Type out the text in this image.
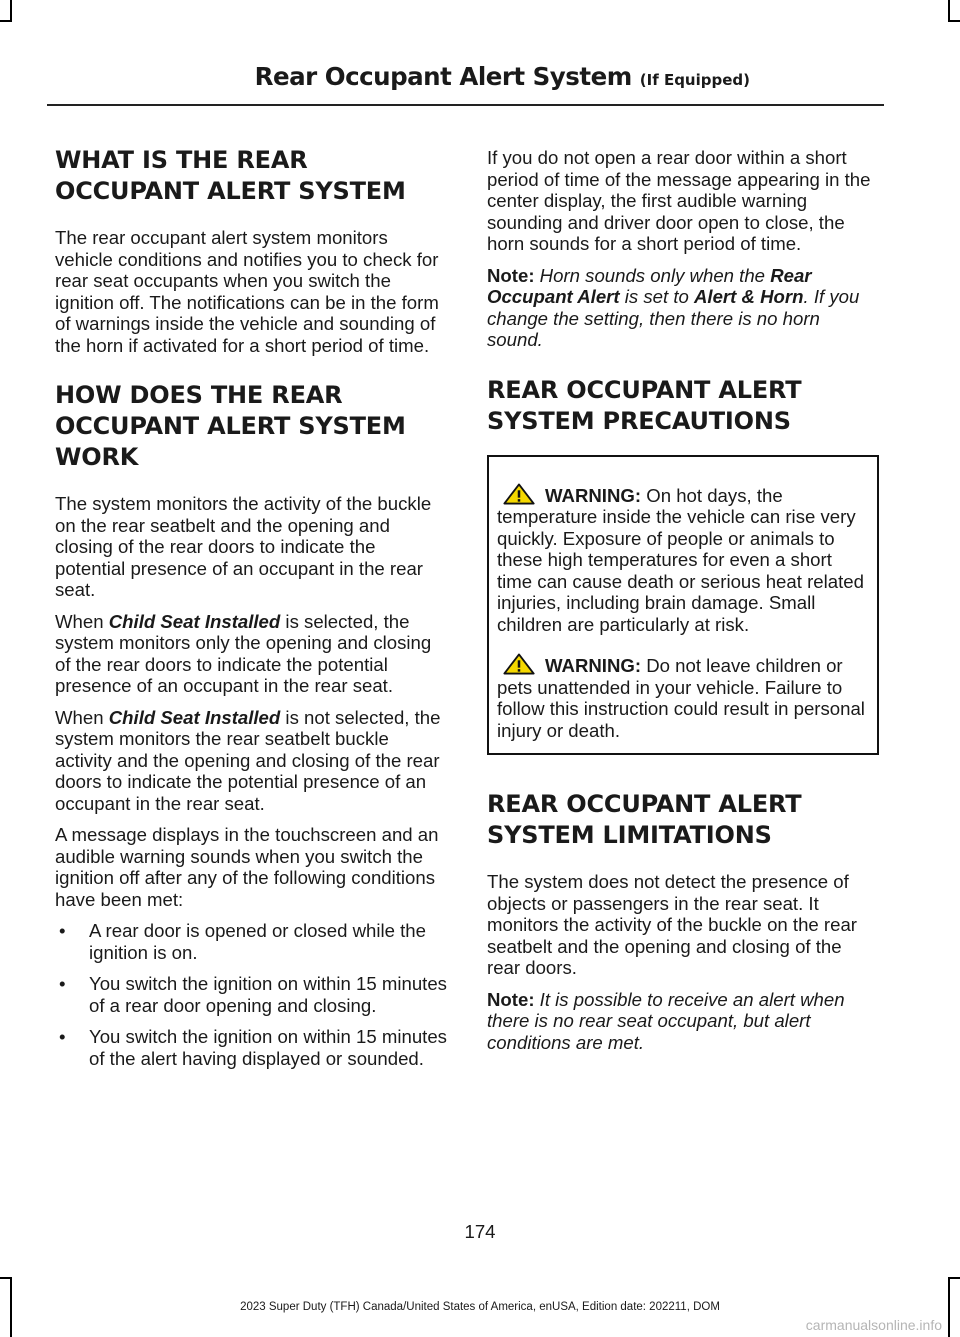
Rear Occupant Alert System (If Equipped)
WHAT IS THE REAR OCCUPANT ALERT SYSTEM

The rear occupant alert system monitors vehicle conditions and notifies you to check for rear seat occupants when you switch the ignition off. The notifications can be in the form of warnings inside the vehicle and sounding of the horn if activated for a short period of time.

HOW DOES THE REAR OCCUPANT ALERT SYSTEM WORK

The system monitors the activity of the buckle on the rear seatbelt and the opening and closing of the rear doors to indicate the potential presence of an occupant in the rear seat.

When Child Seat Installed is selected, the system monitors only the opening and closing of the rear doors to indicate the potential presence of an occupant in the rear seat.

When Child Seat Installed is not selected, the system monitors the rear seatbelt buckle activity and the opening and closing of the rear doors to indicate the potential presence of an occupant in the rear seat.

A message displays in the touchscreen and an audible warning sounds when you switch the ignition off after any of the following conditions have been met:

• A rear door is opened or closed while the ignition is on.
• You switch the ignition on within 15 minutes of a rear door opening and closing.
• You switch the ignition on within 15 minutes of the alert having displayed or sounded.

If you do not open a rear door within a short period of time of the message appearing in the center display, the first audible warning sounding and driver door open to close, the horn sounds for a short period of time.

Note: Horn sounds only when the Rear Occupant Alert is set to Alert & Horn. If you change the setting, then there is no horn sound.

REAR OCCUPANT ALERT SYSTEM PRECAUTIONS

WARNING: On hot days, the temperature inside the vehicle can rise very quickly. Exposure of people or animals to these high temperatures for even a short time can cause death or serious heat related injuries, including brain damage. Small children are particularly at risk.

WARNING: Do not leave children or pets unattended in your vehicle. Failure to follow this instruction could result in personal injury or death.

REAR OCCUPANT ALERT SYSTEM LIMITATIONS

The system does not detect the presence of objects or passengers in the rear seat. It monitors the activity of the buckle on the rear seatbelt and the opening and closing of the rear doors.

Note: It is possible to receive an alert when there is no rear seat occupant, but alert conditions are met.

174
2023 Super Duty (TFH) Canada/United States of America, enUSA, Edition date: 202211, DOM
carmanualsonline.info
